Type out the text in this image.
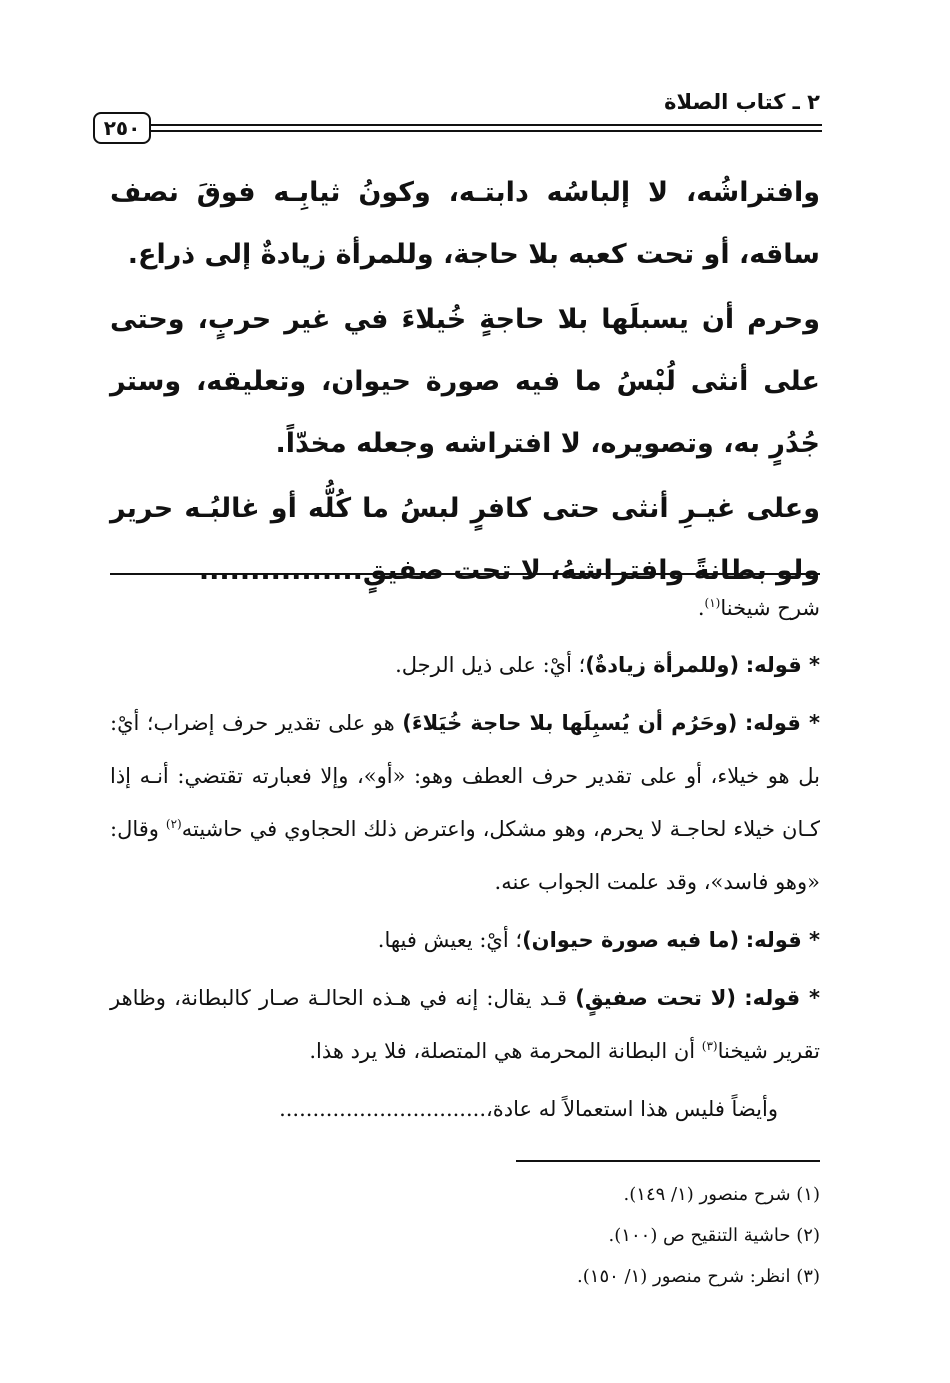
٢ ـ كتاب الصلاة
٢٥٠

وافتراشُه، لا إلباسُه دابتـه، وكونُ ثيابِـه فوقَ نصف ساقه، أو تحت كعبه بلا حاجة، وللمرأة زيادةٌ إلى ذراع.

وحرم أن يسبلَها بلا حاجةٍ خُيلاءَ في غير حربٍ، وحتى على أنثى لُبْسُ ما فيه صورة حيوان، وتعليقه، وستر جُدُرٍ به، وتصويره، لا افتراشه وجعله مخدّاً.

وعلى غيـرِ أنثى حتى كافرٍ لبسُ ما كُلُّه أو غالبُـه حرير ولو بطانةً وافتراشهُ، لا تحت صفيقٍ................

شرح شيخنا$^{(١)}$.

* قوله: (وللمرأة زيادةٌ)؛ أيْ: على ذيل الرجل.

* قوله: (وحَرُم أن يُسبِلَها بلا حاجة خُيَلاءَ) هو على تقدير حرف إضراب؛ أيْ: بل هو خيلاء، أو على تقدير حرف العطف وهو: «أو»، وإلا فعبارته تقتضي: أنـه إذا كـان خيلاء لحاجـة لا يحرم، وهو مشكل، واعترض ذلك الحجاوي في حاشيته$^{(٢)}$ وقال: «وهو فاسد»، وقد علمت الجواب عنه.

* قوله: (ما فيه صورة حيوان)؛ أيْ: يعيش فيها.

* قوله: (لا تحت صفيقٍ) قـد يقال: إنه في هـذه الحالـة صـار كالبطانة، وظاهر تقرير شيخنا$^{(٣)}$ أن البطانة المحرمة هي المتصلة، فلا يرد هذا.

  وأيضاً فليس هذا استعمالاً له عادة،...............................

(١) شرح منصور (١/ ١٤٩).
(٢) حاشية التنقيح ص (١٠٠).
(٣) انظر: شرح منصور (١/ ١٥٠).
